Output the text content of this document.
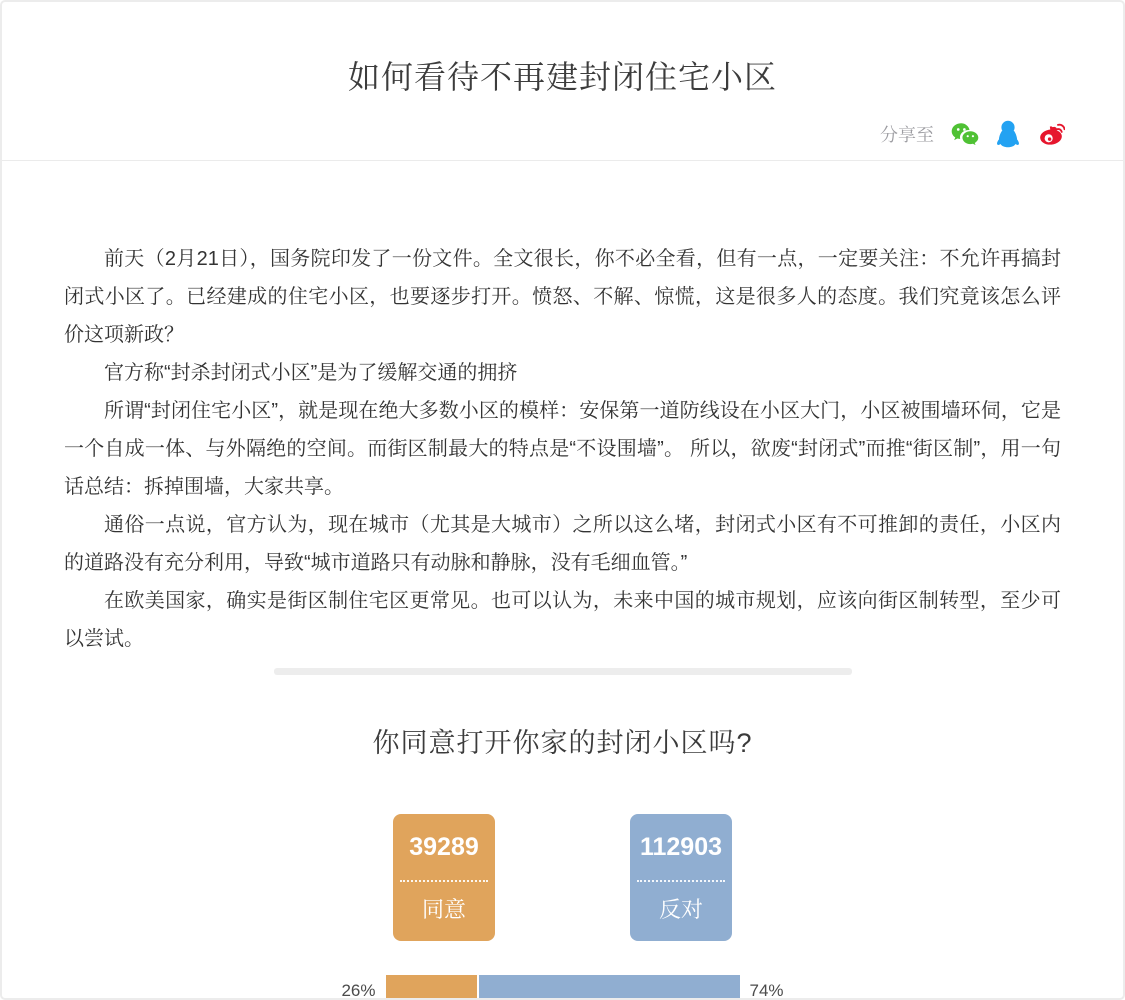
如何看待不再建封闭住宅小区
分享至

前天（2月21日），国务院印发了一份文件。全文很长，你不必全看，但有一点，一定要关注：不允许再搞封闭式小区了。已经建成的住宅小区，也要逐步打开。愤怒、不解、惊慌，这是很多人的态度。我们究竟该怎么评价这项新政？

官方称“封杀封闭式小区”是为了缓解交通的拥挤

所谓“封闭住宅小区”，就是现在绝大多数小区的模样：安保第一道防线设在小区大门，小区被围墙环伺，它是一个自成一体、与外隔绝的空间。而街区制最大的特点是“不设围墙”。 所以，欲废“封闭式”而推“街区制”，用一句话总结：拆掉围墙，大家共享。

通俗一点说，官方认为，现在城市（尤其是大城市）之所以这么堵，封闭式小区有不可推卸的责任，小区内的道路没有充分利用，导致“城市道路只有动脉和静脉，没有毛细血管。”

在欧美国家，确实是街区制住宅区更常见。也可以认为，未来中国的城市规划，应该向街区制转型，至少可以尝试。

你同意打开你家的封闭小区吗?
39289
同意
112903
反对
26%	74%
